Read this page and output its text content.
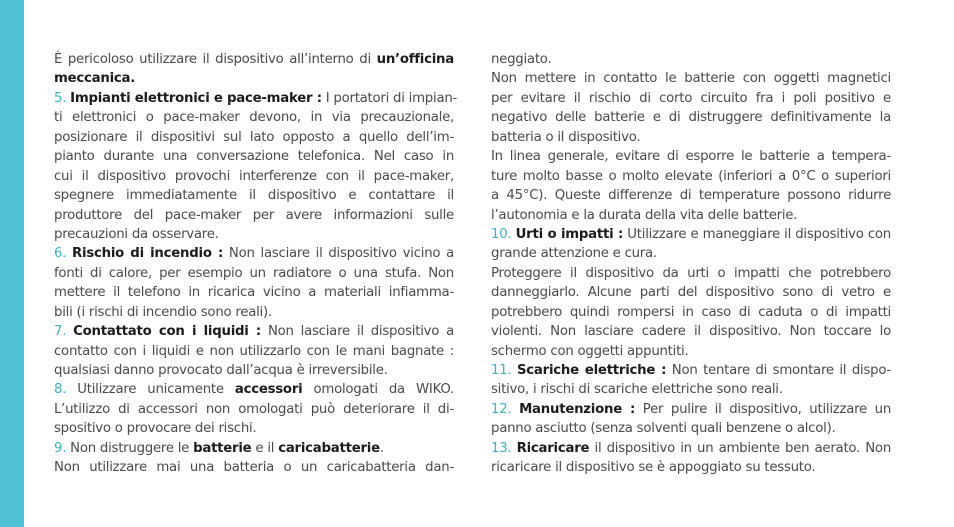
È pericoloso utilizzare il dispositivo all’interno di un’officina
meccanica.
5. Impianti elettronici e pace-maker : I portatori di impian-
ti elettronici o pace-maker devono, in via precauzionale,
posizionare il dispositivi sul lato opposto a quello dell’im-
pianto durante una conversazione telefonica. Nel caso in
cui il dispositivo provochi interferenze con il pace-maker,
spegnere immediatamente il dispositivo e contattare il
produttore del pace-maker per avere informazioni sulle
precauzioni da osservare.
6. Rischio di incendio : Non lasciare il dispositivo vicino a
fonti di calore, per esempio un radiatore o una stufa. Non
mettere il telefono in ricarica vicino a materiali infiamma-
bili (i rischi di incendio sono reali).
7. Contattato con i liquidi : Non lasciare il dispositivo a
contatto con i liquidi e non utilizzarlo con le mani bagnate :
qualsiasi danno provocato dall’acqua è irreversibile.
8. Utilizzare unicamente accessori omologati da WIKO.
L’utilizzo di accessori non omologati può deteriorare il di-
spositivo o provocare dei rischi.
9. Non distruggere le batterie e il caricabatterie.
Non utilizzare mai una batteria o un caricabatteria dan-
neggiato.
Non mettere in contatto le batterie con oggetti magnetici
per evitare il rischio di corto circuito fra i poli positivo e
negativo delle batterie e di distruggere definitivamente la
batteria o il dispositivo.
In linea generale, evitare di esporre le batterie a tempera-
ture molto basse o molto elevate (inferiori a 0°C o superiori
a 45°C). Queste differenze di temperature possono ridurre
l’autonomia e la durata della vita delle batterie.
10. Urti o impatti : Utilizzare e maneggiare il dispositivo con
grande attenzione e cura.
Proteggere il dispositivo da urti o impatti che potrebbero
danneggiarlo. Alcune parti del dispositivo sono di vetro e
potrebbero quindi rompersi in caso di caduta o di impatti
violenti. Non lasciare cadere il dispositivo. Non toccare lo
schermo con oggetti appuntiti.
11. Scariche elettriche : Non tentare di smontare il dispo-
sitivo, i rischi di scariche elettriche sono reali.
12. Manutenzione : Per pulire il dispositivo, utilizzare un
panno asciutto (senza solventi quali benzene o alcol).
13. Ricaricare il dispositivo in un ambiente ben aerato. Non
ricaricare il dispositivo se è appoggiato su tessuto.
